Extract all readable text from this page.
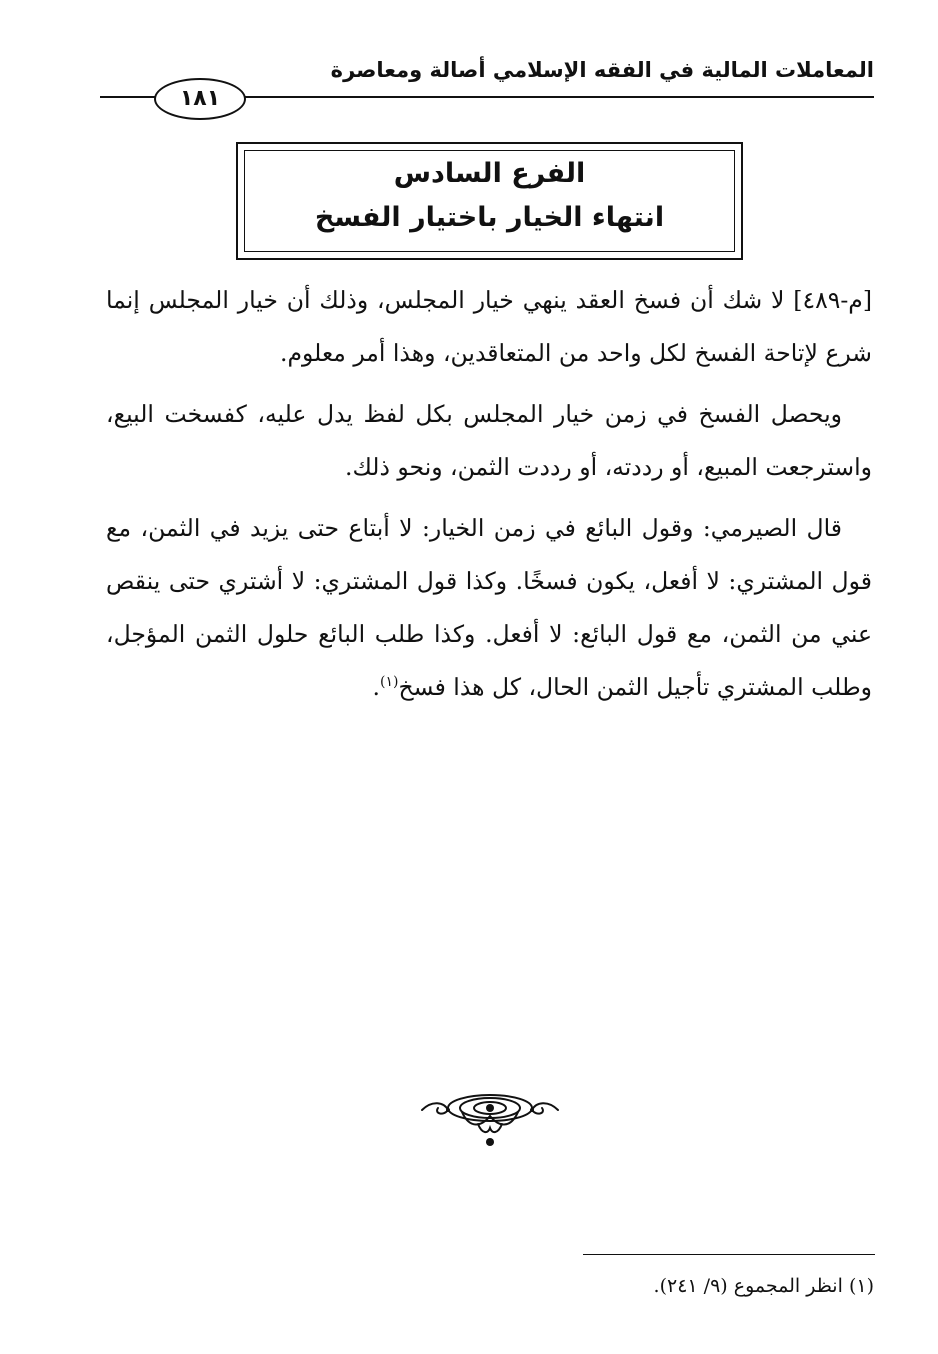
المعاملات المالية في الفقه الإسلامي أصالة ومعاصرة
١٨١
الفرع السادس
انتهاء الخيار باختيار الفسخ

[م-٤٨٩] لا شك أن فسخ العقد ينهي خيار المجلس، وذلك أن خيار المجلس إنما شرع لإتاحة الفسخ لكل واحد من المتعاقدين، وهذا أمر معلوم.

ويحصل الفسخ في زمن خيار المجلس بكل لفظ يدل عليه، كفسخت البيع، واسترجعت المبيع، أو رددته، أو رددت الثمن، ونحو ذلك.

قال الصيرمي: وقول البائع في زمن الخيار: لا أبتاع حتى يزيد في الثمن، مع قول المشتري: لا أفعل، يكون فسخًا. وكذا قول المشتري: لا أشتري حتى ينقص عني من الثمن، مع قول البائع: لا أفعل. وكذا طلب البائع حلول الثمن المؤجل، وطلب المشتري تأجيل الثمن الحال، كل هذا فسخ$^{(١)}$.

(١) انظر المجموع (٩/ ٢٤١).
